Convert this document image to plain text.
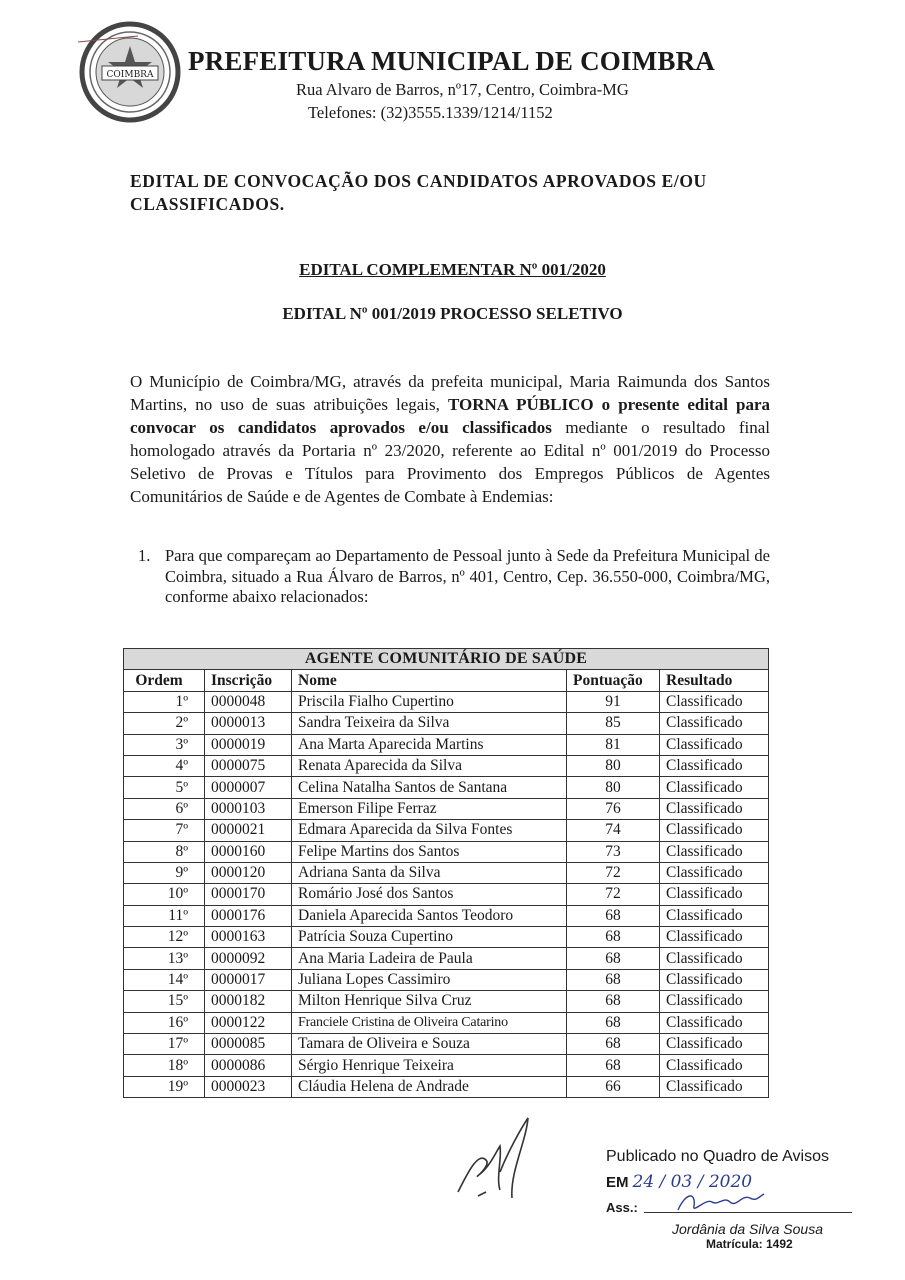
COIMBRA PREFEITURA MUNICIPAL DE COIMBRA
Rua Alvaro de Barros, nº17, Centro, Coimbra-MG
Telefones: (32)3555.1339/1214/1152
EDITAL DE CONVOCAÇÃO DOS CANDIDATOS APROVADOS E/OU CLASSIFICADOS.
EDITAL COMPLEMENTAR Nº 001/2020
EDITAL Nº 001/2019 PROCESSO SELETIVO
O Município de Coimbra/MG, através da prefeita municipal, Maria Raimunda dos Santos Martins, no uso de suas atribuições legais, TORNA PÚBLICO o presente edital para convocar os candidatos aprovados e/ou classificados mediante o resultado final homologado através da Portaria nº 23/2020, referente ao Edital nº 001/2019 do Processo Seletivo de Provas e Títulos para Provimento dos Empregos Públicos de Agentes Comunitários de Saúde e de Agentes de Combate à Endemias:
1. Para que compareçam ao Departamento de Pessoal junto à Sede da Prefeitura Municipal de Coimbra, situado a Rua Álvaro de Barros, nº 401, Centro, Cep. 36.550-000, Coimbra/MG, conforme abaixo relacionados:
AGENTE COMUNITÁRIO DE SAÚDE				
Ordem	Inscrição	Nome	Pontuação	Resultado
1º	0000048	Priscila Fialho Cupertino	91	Classificado
2º	0000013	Sandra Teixeira da Silva	85	Classificado
3º	0000019	Ana Marta Aparecida Martins	81	Classificado
4º	0000075	Renata Aparecida da Silva	80	Classificado
5º	0000007	Celina Natalha Santos de Santana	80	Classificado
6º	0000103	Emerson Filipe Ferraz	76	Classificado
7º	0000021	Edmara Aparecida da Silva Fontes	74	Classificado
8º	0000160	Felipe Martins dos Santos	73	Classificado
9º	0000120	Adriana Santa da Silva	72	Classificado
10º	0000170	Romário José dos Santos	72	Classificado
11º	0000176	Daniela Aparecida Santos Teodoro	68	Classificado
12º	0000163	Patrícia Souza Cupertino	68	Classificado
13º	0000092	Ana Maria Ladeira de Paula	68	Classificado
14º	0000017	Juliana Lopes Cassimiro	68	Classificado
15º	0000182	Milton Henrique Silva Cruz	68	Classificado
16º	0000122	Franciele Cristina de Oliveira Catarino	68	Classificado
17º	0000085	Tamara de Oliveira e Souza	68	Classificado
18º	0000086	Sérgio Henrique Teixeira	68	Classificado
19º	0000023	Cláudia Helena de Andrade	66	Classificado
Publicado no Quadro de Avisos
EM 24 / 03 / 2020
Ass.:
Jordânia da Silva Sousa
Matrícula: 1492
